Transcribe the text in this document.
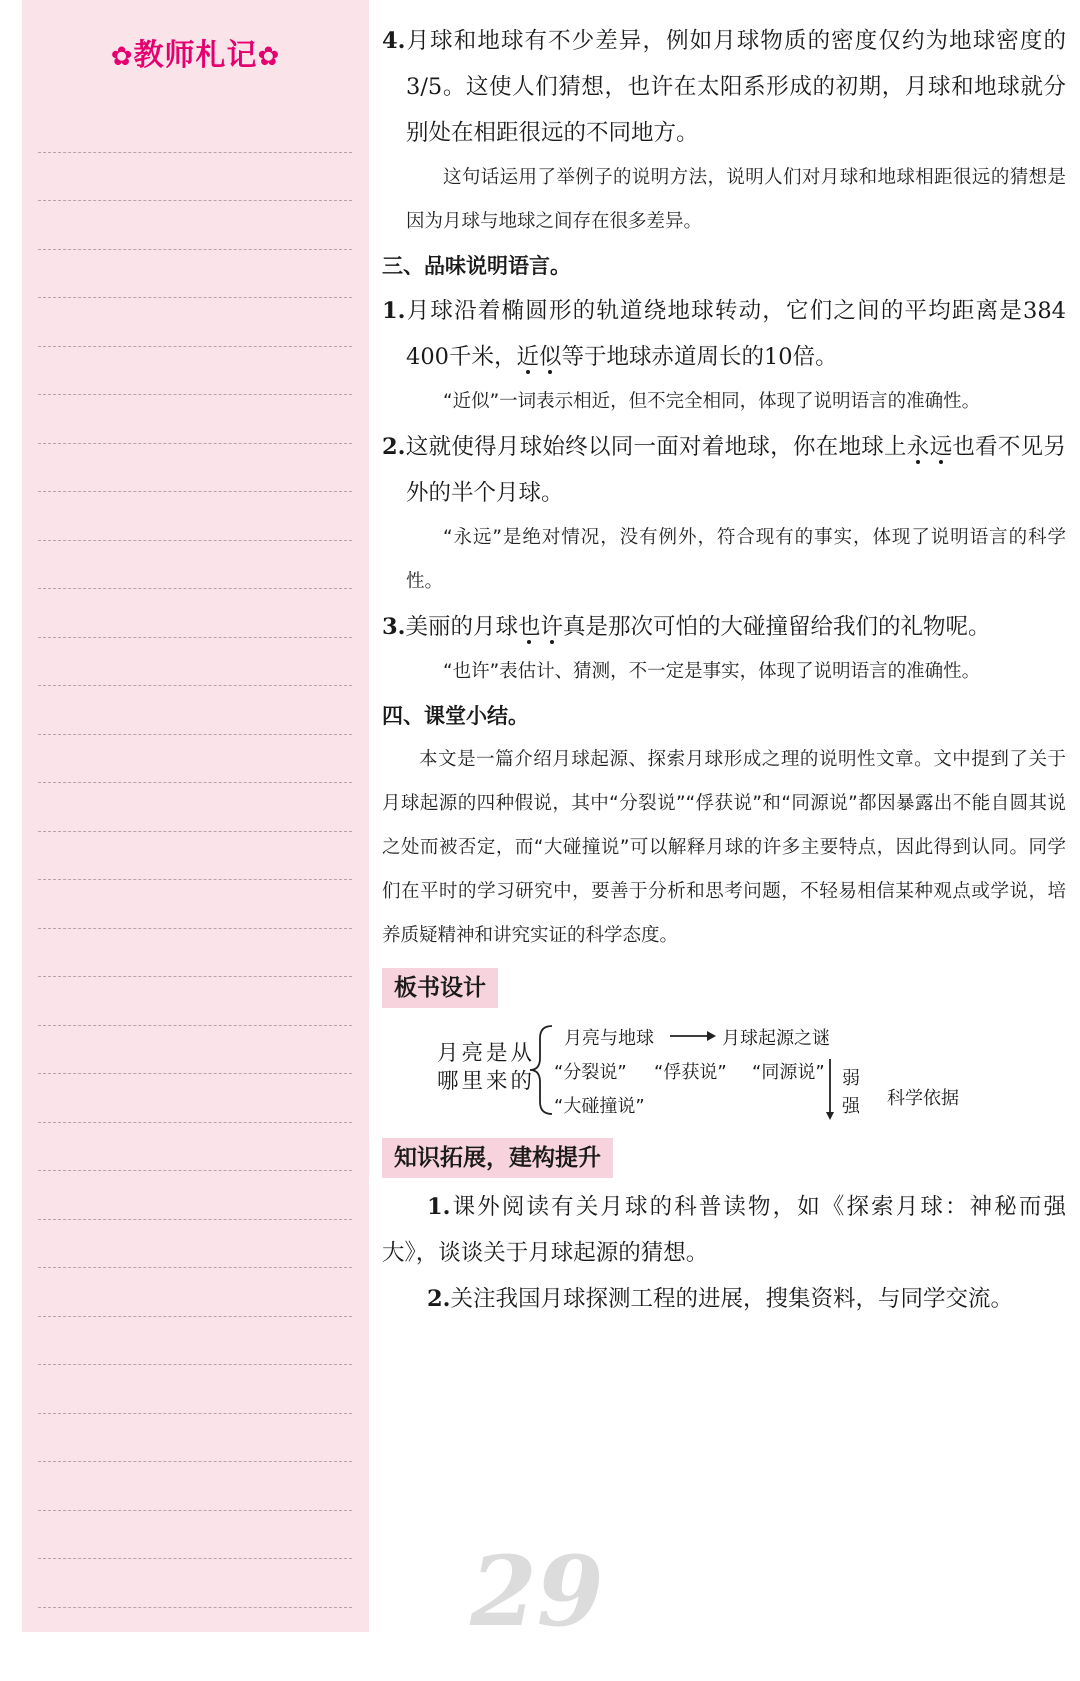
✿教师札记✿

4.月球和地球有不少差异，例如月球物质的密度仅约为地球密度的3/5。这使人们猜想，也许在太阳系形成的初期，月球和地球就分别处在相距很远的不同地方。

这句话运用了举例子的说明方法，说明人们对月球和地球相距很远的猜想是因为月球与地球之间存在很多差异。

三、品味说明语言。

1.月球沿着椭圆形的轨道绕地球转动，它们之间的平均距离是384 400千米，近似等于地球赤道周长的10倍。

“近似”一词表示相近，但不完全相同，体现了说明语言的准确性。

2.这就使得月球始终以同一面对着地球，你在地球上永远也看不见另外的半个月球。

“永远”是绝对情况，没有例外，符合现有的事实，体现了说明语言的科学性。

3.美丽的月球也许真是那次可怕的大碰撞留给我们的礼物呢。

“也许”表估计、猜测，不一定是事实，体现了说明语言的准确性。

四、课堂小结。

本文是一篇介绍月球起源、探索月球形成之理的说明性文章。文中提到了关于月球起源的四种假说，其中“分裂说”“俘获说”和“同源说”都因暴露出不能自圆其说之处而被否定，而“大碰撞说”可以解释月球的许多主要特点，因此得到认同。同学们在平时的学习研究中，要善于分析和思考问题，不轻易相信某种观点或学说，培养质疑精神和讲究实证的科学态度。

板书设计
月亮是从
哪里来的
月亮与地球	月球起源之谜
“分裂说” “俘获说” “同源说”
“大碰撞说”
弱
强 科学依据
知识拓展，建构提升

1.课外阅读有关月球的科普读物，如《探索月球：神秘而强大》，谈谈关于月球起源的猜想。

2.关注我国月球探测工程的进展，搜集资料，与同学交流。

29
